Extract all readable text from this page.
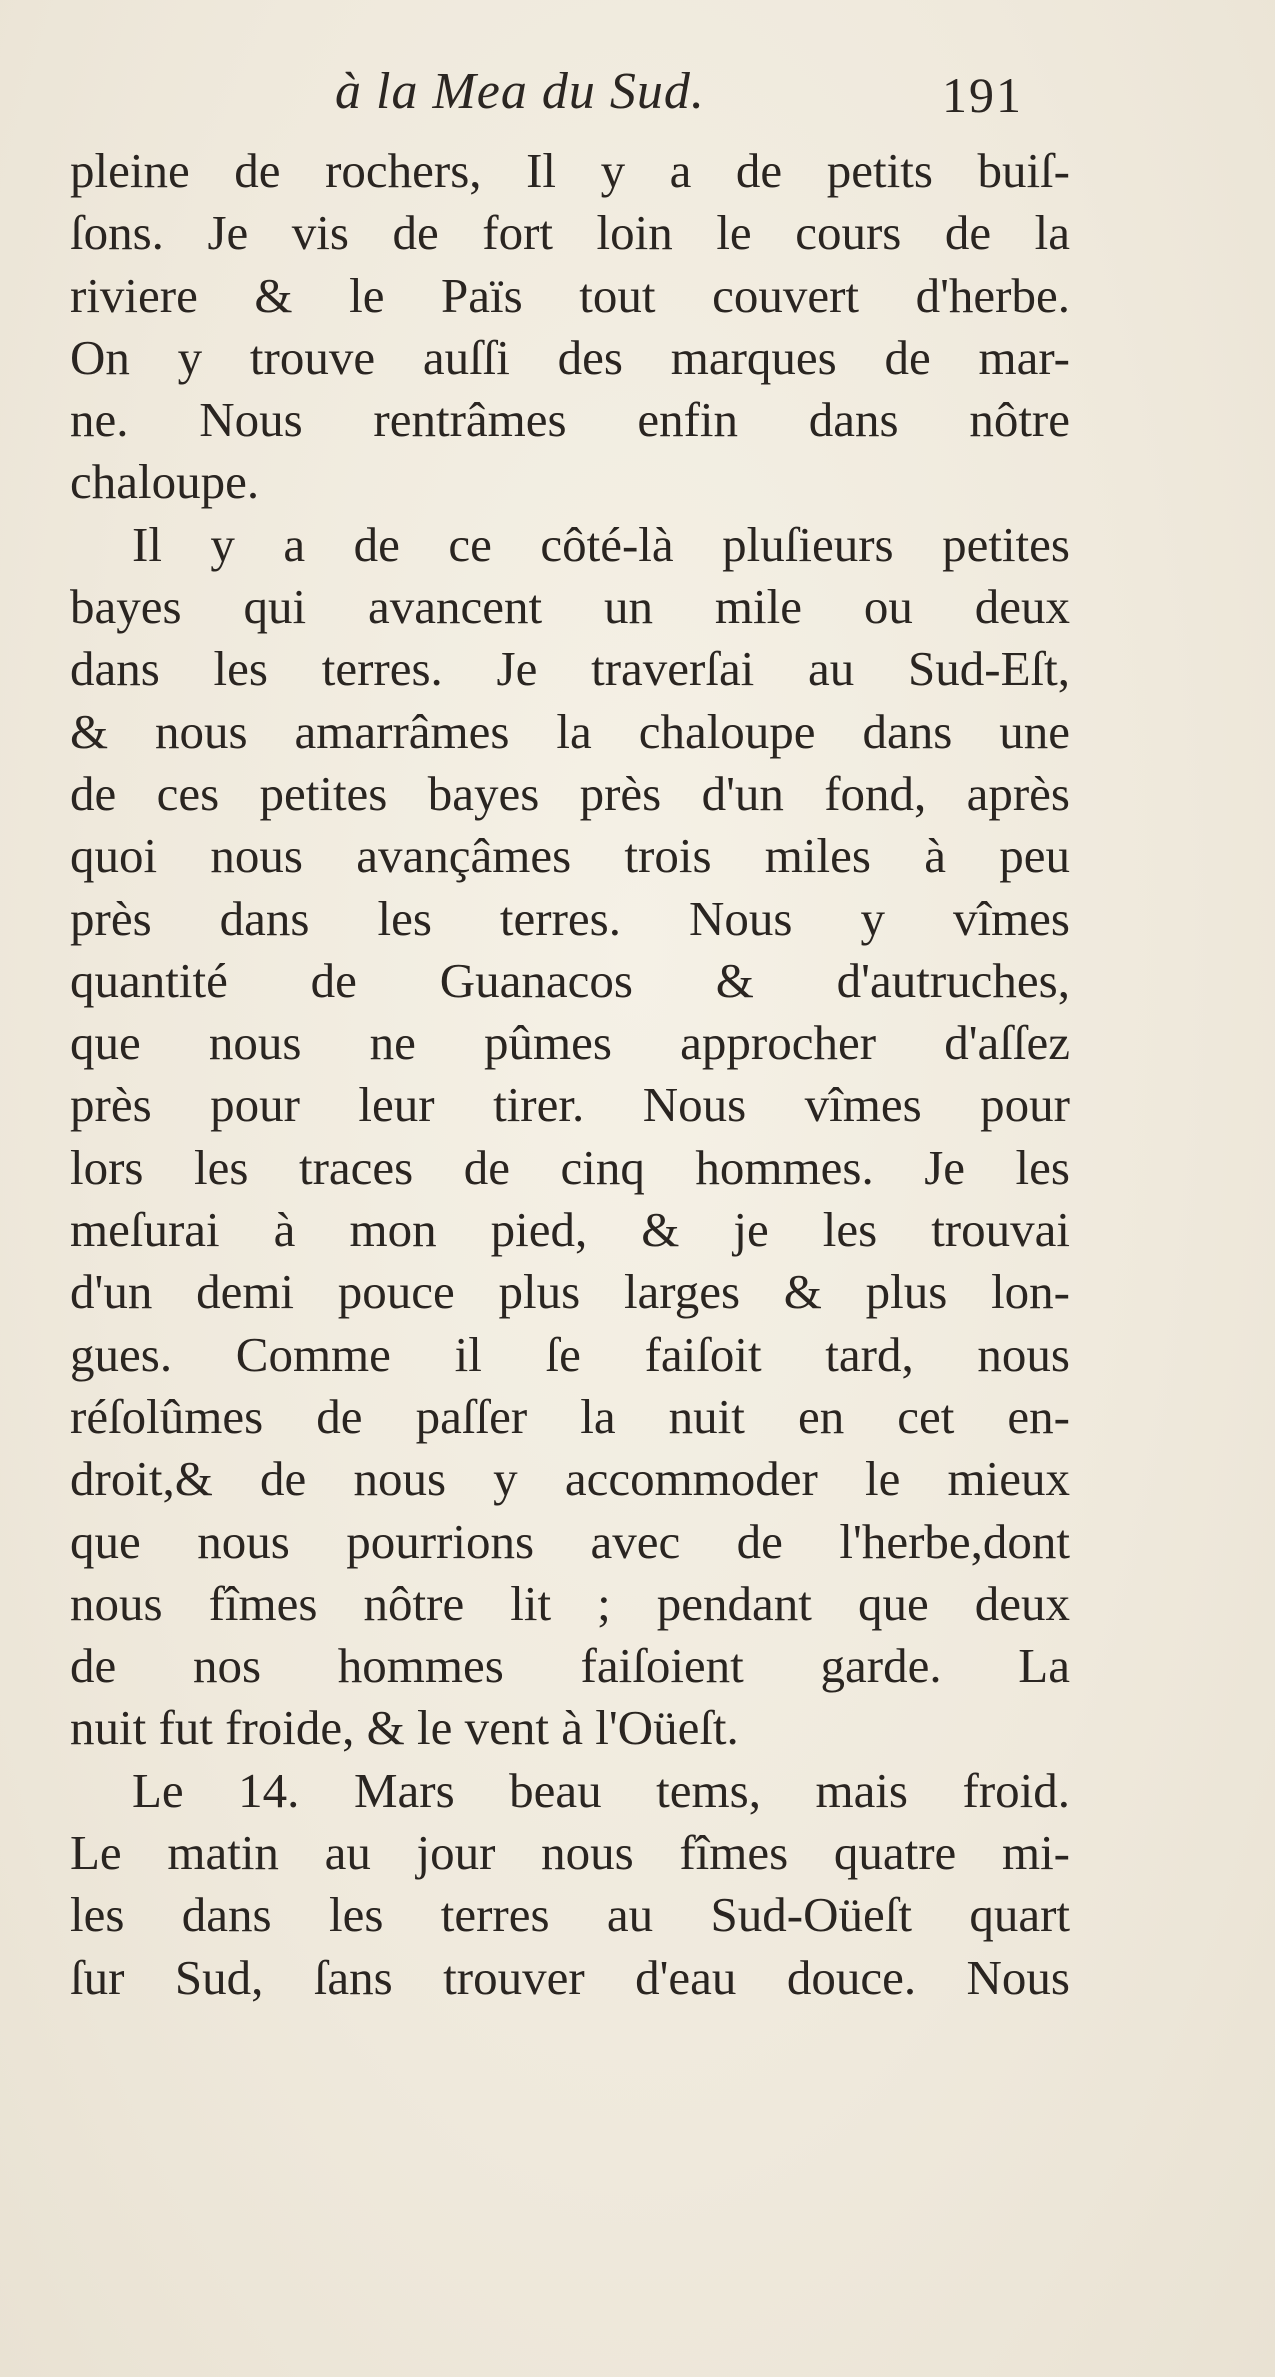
à la Mea du Sud.	191
pleine de rochers, Il y a de petits buiſ-
ſons. Je vis de fort loin le cours de la
riviere & le Païs tout couvert d'herbe.
On y trouve auſſi des marques de mar-
ne. Nous rentrâmes enfin dans nôtre
chaloupe.
Il y a de ce côté-là pluſieurs petites
bayes qui avancent un mile ou deux
dans les terres. Je traverſai au Sud-Eſt,
& nous amarrâmes la chaloupe dans une
de ces petites bayes près d'un fond, après
quoi nous avançâmes trois miles à peu
près dans les terres. Nous y vîmes
quantité de Guanacos & d'autruches,
que nous ne pûmes approcher d'aſſez
près pour leur tirer. Nous vîmes pour
lors les traces de cinq hommes. Je les
meſurai à mon pied, & je les trouvai
d'un demi pouce plus larges & plus lon-
gues. Comme il ſe faiſoit tard, nous
réſolûmes de paſſer la nuit en cet en-
droit,& de nous y accommoder le mieux
que nous pourrions avec de l'herbe,dont
nous fîmes nôtre lit ; pendant que deux
de nos hommes faiſoient garde. La
nuit fut froide, & le vent à l'Oüeſt.
Le 14. Mars beau tems, mais froid.
Le matin au jour nous fîmes quatre mi-
les dans les terres au Sud-Oüeſt quart
ſur Sud, ſans trouver d'eau douce. Nous
